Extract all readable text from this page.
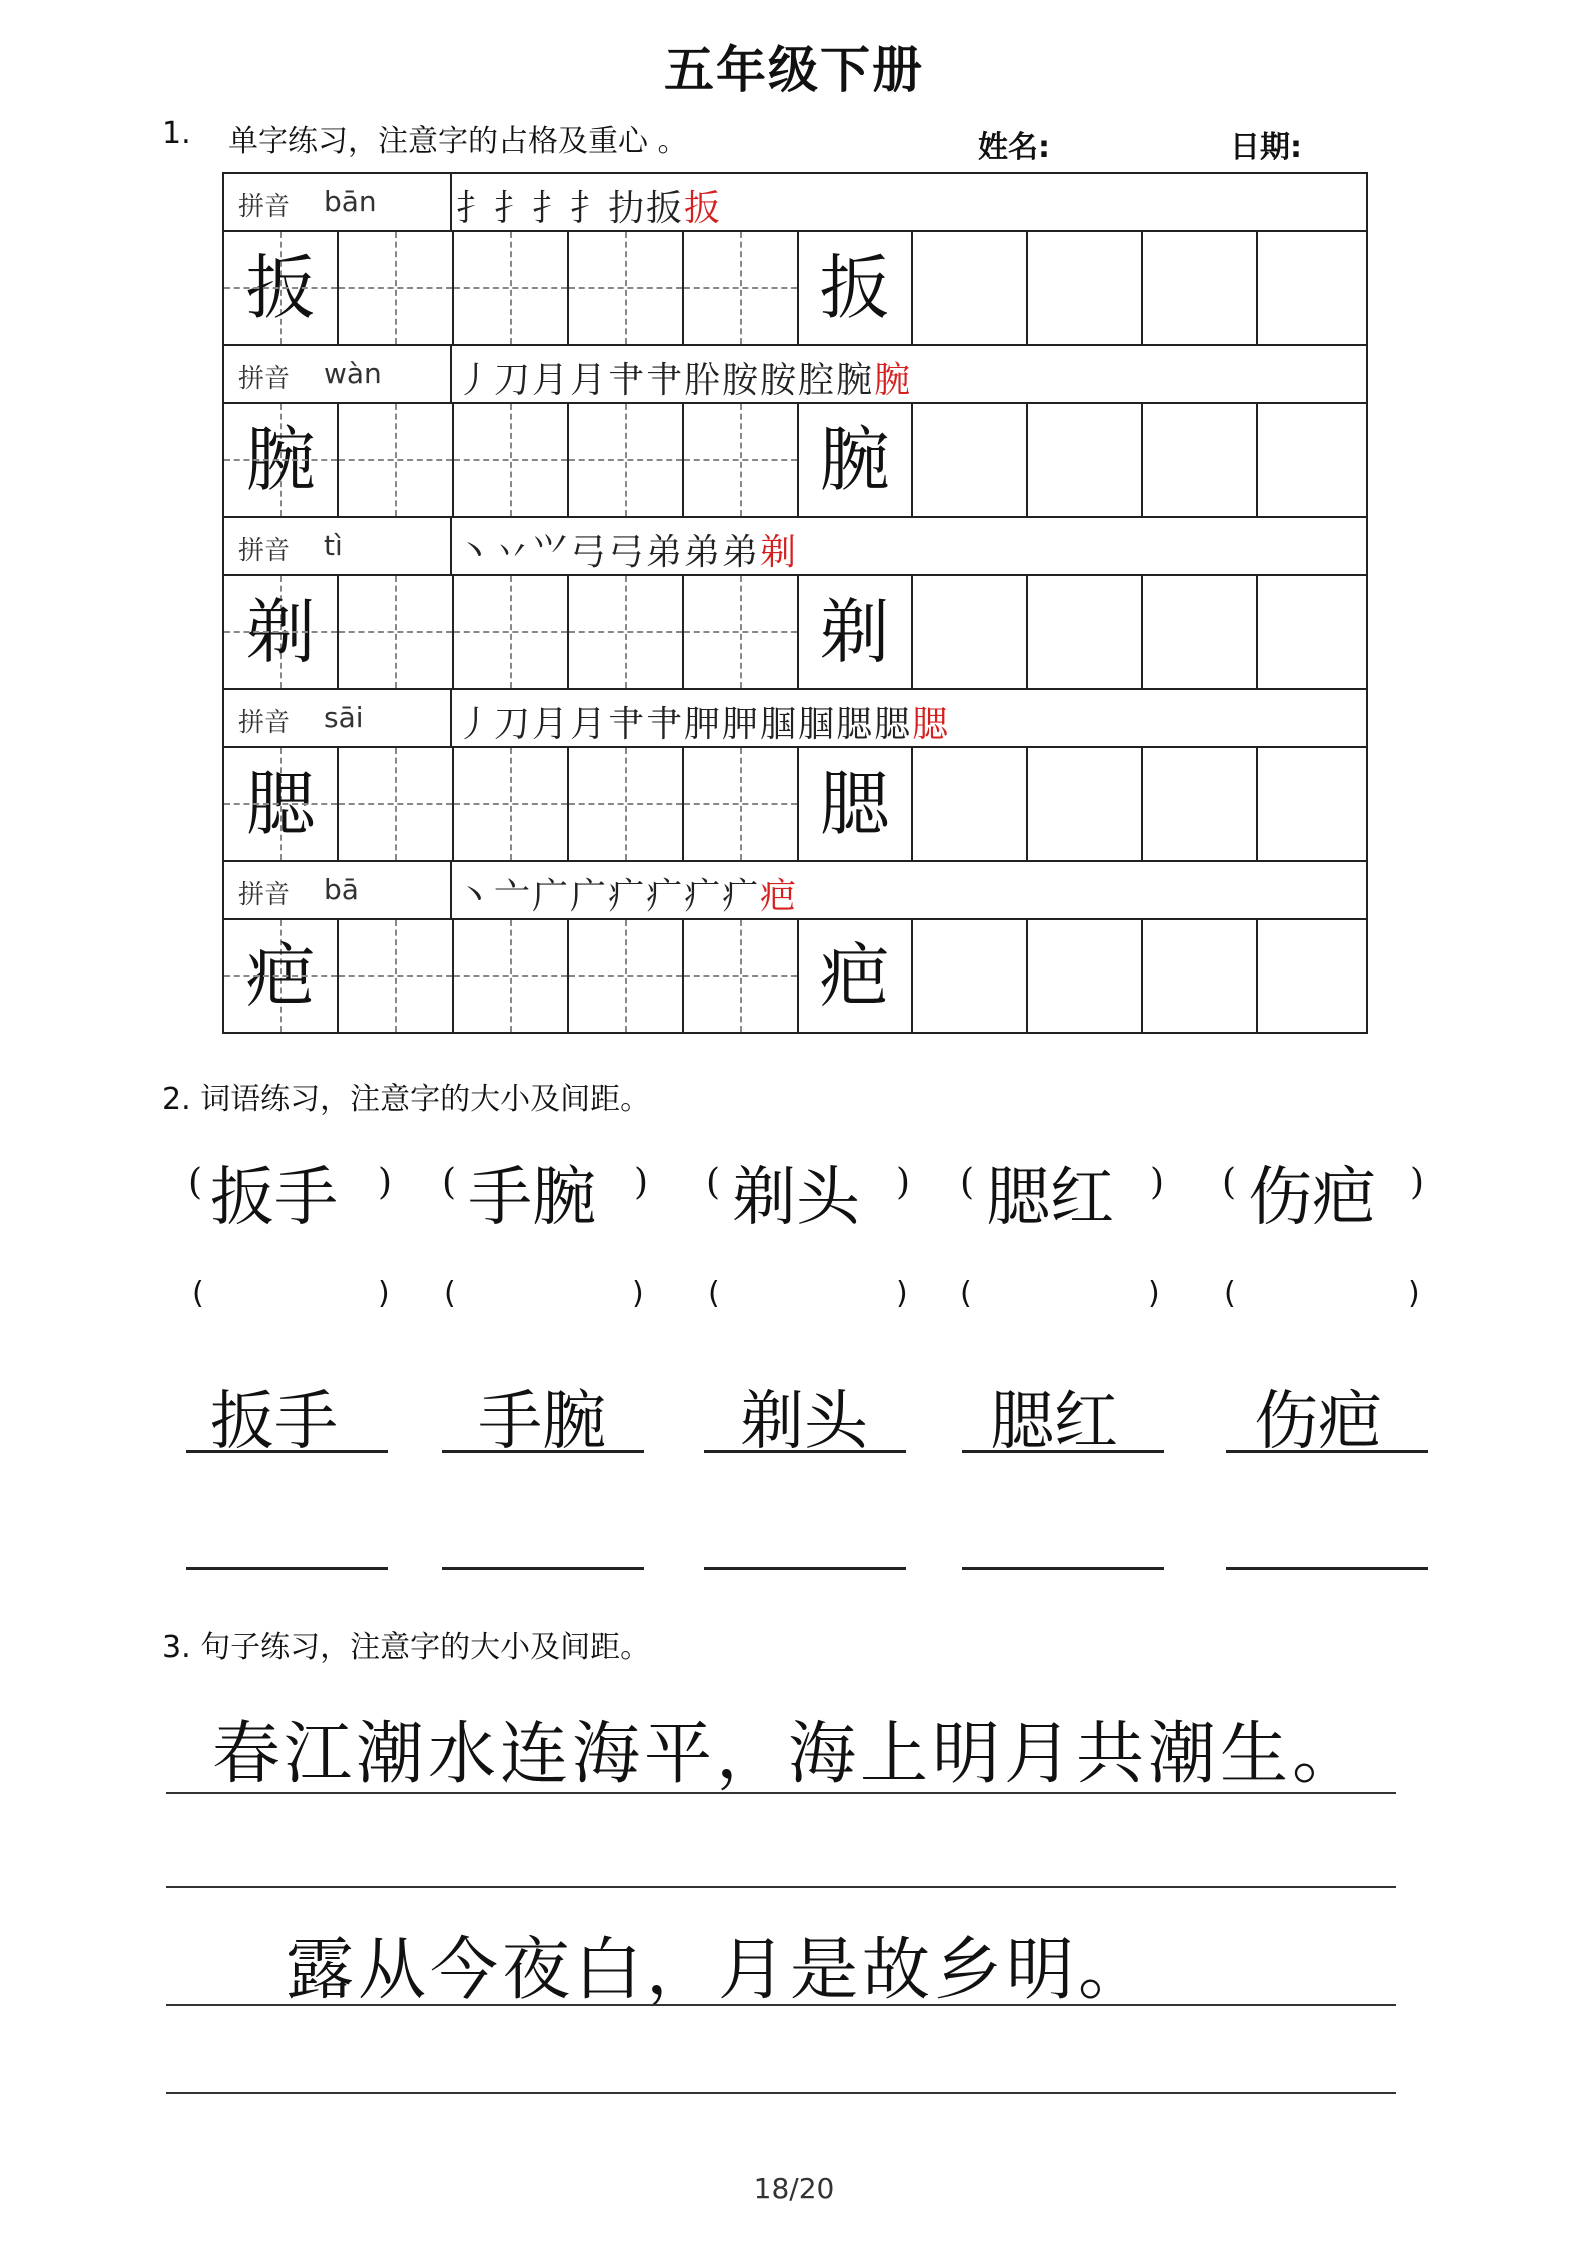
五年级下册
1. 单字练习，注意字的占格及重心 。	姓名:	日期:
拼音 bān 扌 扌 扌 扌 扐 扳 扳
扳	扳
拼音 wàn 丿 刀 月 月 肀 肀 肸 胺 胺 腔 腕 腕
腕	腕
拼音 tì	丶 丷 ⺍ 弓 弓 弟 弟 弟 剃
剃	剃
拼音 sāi	丿 刀 月 月 肀 肀 胛 胛 腘 腘 腮 腮 腮
腮	腮
拼音 bā	丶 亠 广 广 疒 疒 疒 疒 疤
疤	疤
2. 词语练习，注意字的大小及间距。
( 扳手 ) ( 手腕 ) ( 剃头 ) ( 腮红 ) ( 伤疤 )
(	) (	) (	) (	) (	)
扳手 手腕 剃头 腮红 伤疤
3. 句子练习，注意字的大小及间距。
春江潮水连海平，海上明月共潮生。
露从今夜白，月是故乡明。
18/20
